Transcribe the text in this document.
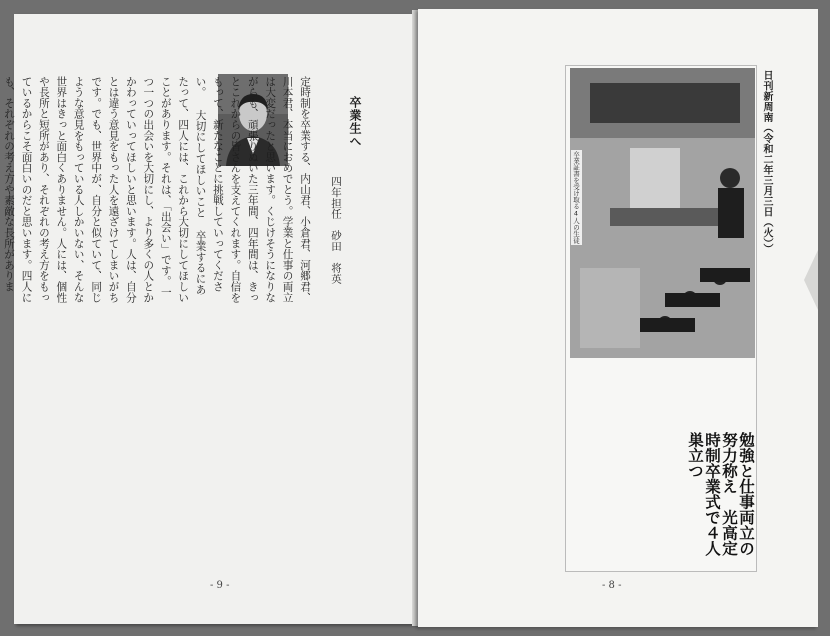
卒業生へ
四年担任　砂田　将英

定時制を卒業する、内山君、小倉君、河郷君、川本君、本当におめでとう。学業と仕事の両立は大変だったと思います。くじけそうになりながらも、頑張りぬいた三年間、四年間は、きっとこれからの皆さんを支えてくれます。自信をもって、新たなことに挑戦していってください。 大切にしてほしいこと 卒業するにあたって、四人には、これから大切にしてほしいことがあります。それは、「出会い」です。一つ一つの出会いを大切にし、より多くの人とかかわっていってほしいと思います。人は、自分とは違う意見をもった人を遠ざけてしまいがちです。でも、世界中が、自分と似ていて、同じような意見をもっている人しかいない、そんな世界はきっと面白くありません。人には、個性や長所と短所があり、それぞれの考え方をもっているからこそ面白いのだと思います。四人にも、それぞれの考え方や素敵な長所がありま

- 9 -
日刊新周南（令和二年三月三日（火））
卒業証書を受け取る4人の生徒
勉強と仕事両立の努力称え　光高定時制卒業式で４人巣立つ
- 8 -
